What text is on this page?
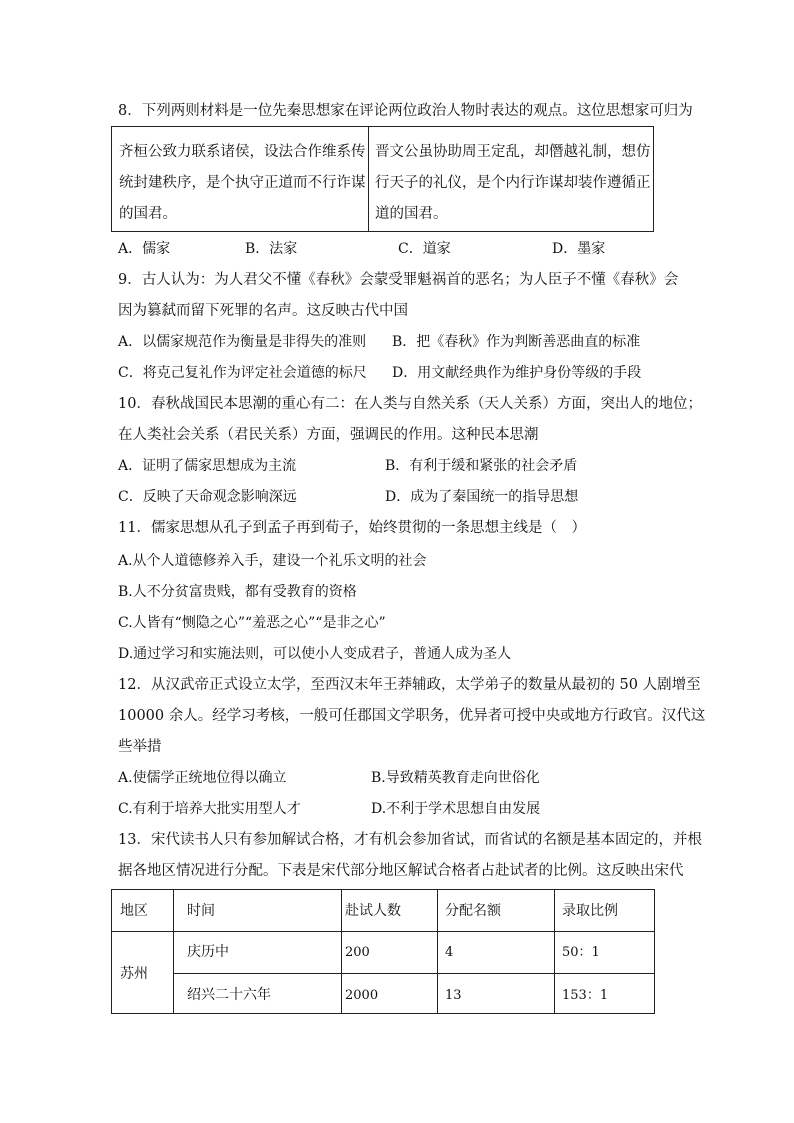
8．下列两则材料是一位先秦思想家在评论两位政治人物时表达的观点。这位思想家可归为
齐桓公致力联系诸侯，设法合作维系传
统封建秩序，是个执守正道而不行诈谋
的国君。
晋文公虽协助周王定乱，却僭越礼制，想仿
行天子的礼仪，是个内行诈谋却装作遵循正
道的国君。
A．儒家	B．法家	C．道家	D．墨家
9．古人认为：为人君父不懂《春秋》会蒙受罪魁祸首的恶名；为人臣子不懂《春秋》会
因为篡弑而留下死罪的名声。这反映古代中国
A．以儒家规范作为衡量是非得失的准则 B．把《春秋》作为判断善恶曲直的标准
C．将克己复礼作为评定社会道德的标尺 D．用文献经典作为维护身份等级的手段
10．春秋战国民本思潮的重心有二：在人类与自然关系（天人关系）方面，突出人的地位；
在人类社会关系（君民关系）方面，强调民的作用。这种民本思潮
A．证明了儒家思想成为主流	B．有利于缓和紧张的社会矛盾
C．反映了天命观念影响深远	D．成为了秦国统一的指导思想
11．儒家思想从孔子到孟子再到荀子，始终贯彻的一条思想主线是（　）
A.从个人道德修养入手，建设一个礼乐文明的社会
B.人不分贫富贵贱，都有受教育的资格
C.人皆有“恻隐之心”“羞恶之心”“是非之心”
D.通过学习和实施法则，可以使小人变成君子，普通人成为圣人
12．从汉武帝正式设立太学，至西汉末年王莽辅政，太学弟子的数量从最初的 50 人剧增至
10000 余人。经学习考核，一般可任郡国文学职务，优异者可授中央或地方行政官。汉代这
些举措
A.使儒学正统地位得以确立	B.导致精英教育走向世俗化
C.有利于培养大批实用型人才	D.不利于学术思想自由发展
13．宋代读书人只有参加解试合格，才有机会参加省试，而省试的名额是基本固定的，并根
据各地区情况进行分配。下表是宋代部分地区解试合格者占赴试者的比例。这反映出宋代
地区	时间	赴试人数	分配名额	录取比例
苏州
庆历中	200	4	50：1
绍兴二十六年	2000	13	153：1
